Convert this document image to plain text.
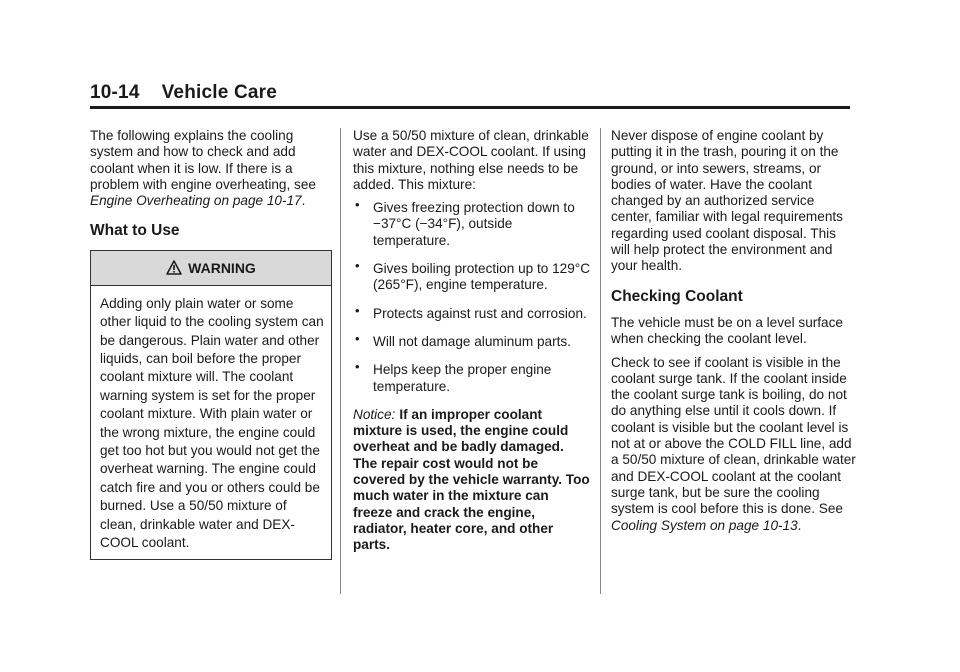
10-14 Vehicle Care

The following explains the cooling system and how to check and add coolant when it is low. If there is a problem with engine overheating, see Engine Overheating on page 10-17.

What to Use
WARNING
Adding only plain water or some other liquid to the cooling system can be dangerous. Plain water and other liquids, can boil before the proper coolant mixture will. The coolant warning system is set for the proper coolant mixture. With plain water or the wrong mixture, the engine could get too hot but you would not get the overheat warning. The engine could catch fire and you or others could be burned. Use a 50/50 mixture of clean, drinkable water and DEX-COOL coolant.

Use a 50/50 mixture of clean, drinkable water and DEX-COOL coolant. If using this mixture, nothing else needs to be added. This mixture:

• Gives freezing protection down to −37°C (−34°F), outside temperature.
• Gives boiling protection up to 129°C (265°F), engine temperature.
• Protects against rust and corrosion.
• Will not damage aluminum parts.
• Helps keep the proper engine temperature.

Notice: If an improper coolant mixture is used, the engine could overheat and be badly damaged. The repair cost would not be covered by the vehicle warranty. Too much water in the mixture can freeze and crack the engine, radiator, heater core, and other parts.

Never dispose of engine coolant by putting it in the trash, pouring it on the ground, or into sewers, streams, or bodies of water. Have the coolant changed by an authorized service center, familiar with legal requirements regarding used coolant disposal. This will help protect the environment and your health.

Checking Coolant

The vehicle must be on a level surface when checking the coolant level.

Check to see if coolant is visible in the coolant surge tank. If the coolant inside the coolant surge tank is boiling, do not do anything else until it cools down. If coolant is visible but the coolant level is not at or above the COLD FILL line, add a 50/50 mixture of clean, drinkable water and DEX-COOL coolant at the coolant surge tank, but be sure the cooling system is cool before this is done. See Cooling System on page 10-13.
